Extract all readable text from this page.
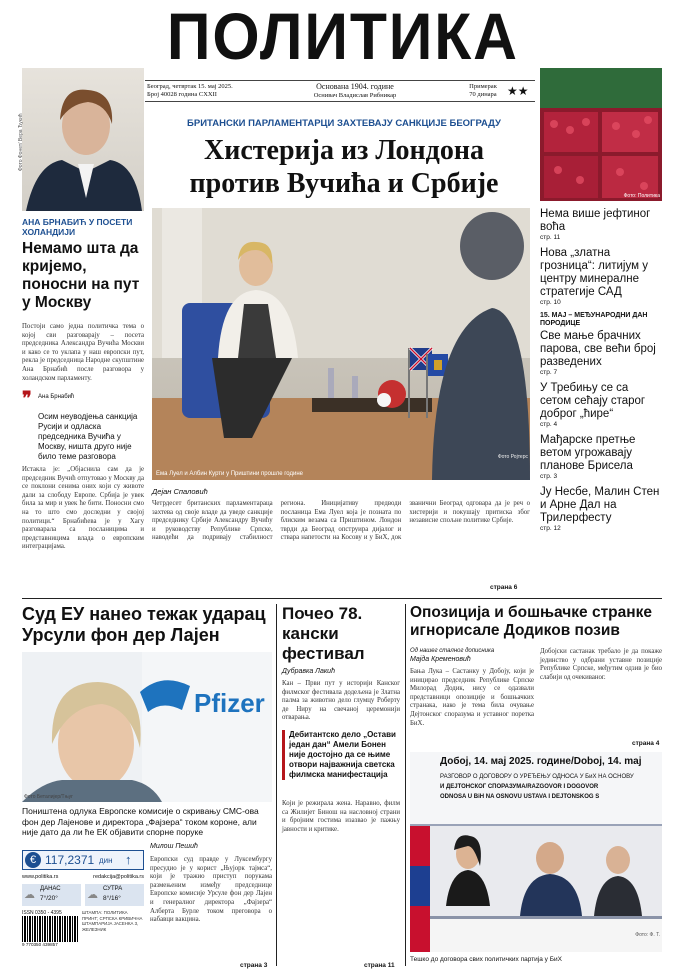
ПОЛИТИКА
Београд, четвртак 15. мај 2025.
Број 40028 година CXXII
Основана 1904. године
Оснивач Владислав Рибникар
Примерак
70 динара ★★
Фото Фонет/ Вера Ђукић
АНА БРНАБИЋ У ПОСЕТИ ХОЛАНДИЈИ
Немамо шта да кријемо, поносни на пут у Москву
Постоји само једна политичка тема о којој сви разговарају – посета председника Александра Вучића Москви и како се то уклапа у наш европски пут, рекла је председница Народне скупштине Ана Брнабић после разговора у холандском парламенту.
❞ Ана Брнабић
Осим неуводјења санкција Русији и одласка председника Вучића у Москву, ништа друго није било теме разговора
Истакла је: „Објаснила сам да је председник Вучић отпутовао у Москву да се поклони сенима оних који су животе дали за слободу Европе. Србија је увек била за мир и увек ће бити. Поносни смо на то што смо доследни у својој политици.“ Брнабићева је у Хагу разговарала са посланицима и представницима влада о европским интеграцијама.
БРИТАНСКИ ПАРЛАМЕНТАРЦИ ЗАХТЕВАЈУ САНКЦИЈЕ БЕОГРАДУ
Хистерија из Лондона
против Вучића и Србије
Ема Луел и Албин Курти у Приштини прошле године
Фото Ројтерс
Дејан Спаловић
Четрдесет британских парламентараца захтева од своје владе да уведе санкције председнику Србије Александру Вучићу и руководству Републике Српске, наводећи да подривају стабилност региона. Иницијативу предводи посланица Ема Луел која је познатa по блиским везама са Приштином. Лондон тврди да Београд опструира дијалог и ствара напетости на Косову и у БиХ, док званични Београд одговара да је реч о хистерији и покушају притиска због независне спољне политике Србије.
страна 6
Фото: Политика
Нема више јефтиног воћа
стр. 11
Нова „златна грозница“: литијум у центру минералне стратегије САД
стр. 10
15. МАЈ – МЕЂУНАРОДНИ ДАН ПОРОДИЦЕ
Све мање брачних парова, све већи број разведених
стр. 7
У Требињу се са сетом сећају старог доброг „ћире“
стр. 4
Мађарске претње ветом угрожавају планове Брисела
стр. 3
Ју Несбе, Малин Стен и Арне Дал на Трилерфесту
стр. 12
Суд ЕУ нанео тежак ударац Урсули фон дер Лајен
Pfizer
Фото Беталијер/Тњуг
Поништена одлука Европске комисије о скривању СМС-ова фон дер Лајенове и директора „Фајзера“ током короне, али није дато да ли ће ЕК објавити спорне поруке
Милош Пешић
€ 117,2371 дин ↑
www.politika.rs	redakcija@politika.rs
☁ ДАНАС
7°/20°	☁ СУТРА
8°/16°
ISSN 0350 - 4395
9 770350 439857
ШТАМПА: ПОЛИТИКА ПРИНТ; СРПСКА КРИВИЧНА ШТАМПАРИЈА ЈАСЕНКА 3, ЖЕЛЕЗНИК
Европски суд правде у Луксембургу пресудио је у корист „Њујорк тајмса“, који је тражио приступ порукама размењеним између председнице Европске комисије Урсуле фон дер Лајен и генералног директора „Фајзера“ Алберта Бурле током преговора о набавци вакцина.
страна 3
Почео 78. кански фестивал
Дубравка Лакић
Кан – Први пут у историји Канског филмског фестивала додељена је Златна палма за животно дело глумцу Роберту де Ниру на свечаној церемонији отварања.
Дебитантско дело „Остави један дан“ Амели Бонен није достојно да се њиме отвори најважнија светска филмска манифестација
Који је режирала жена. Наравно, филм са Жилијет Бинош на насловној страни и бројним гостима изазвао је пажњу јавности и критике.
страна 11
Опозиција и бошњачке странке игнорисале Додиков позив
Од нашег сталног дописника
Мајда Кременовић
Бања Лука – Састанку у Добоју, који је иницирао председник Републике Српске Милорад Додик, нису се одазвали представници опозиције и бошњачких странака, иако је тема била очување Дејтонског споразума и уставног поретка БиХ.
Добојски састанак требало је да покаже јединство у одбрани уставне позиције Републике Српске, међутим одзив је био слабији од очекиваног.
страна 4
Добој, 14. мај 2025. године/Doboj, 14. maj
РАЗГОВОР О ДОГОВОРУ О УРЕЂЕЊУ ОДНОСА У БиХ НА ОСНОВУ
И ДЕЈТОНСКОГ СПОРАЗУМА/RAZGOVOR I DOGOVOR
ODNOSA U BiH NA OSNOVU USTAVA I DEJTONSKOG S
Фото: Ф. Т.
Тешко до договора свих политичких партија у БиХ
